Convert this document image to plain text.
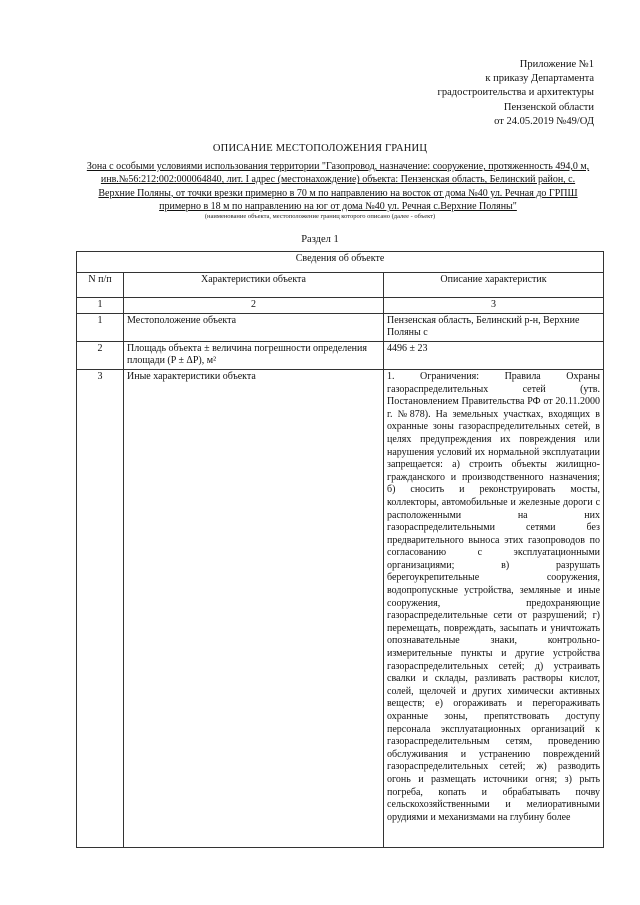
Приложение №1
к приказу Департамента
градостроительства и архитектуры
Пензенской области
от 24.05.2019 №49/ОД
ОПИСАНИЕ МЕСТОПОЛОЖЕНИЯ ГРАНИЦ
Зона с особыми условиями использования территории "Газопровод, назначение: сооружение, протяженность 494,0 м, инв.№56:212:002:000064840, лит. I адрес (местонахождение) объекта: Пензенская область, Белинский район, с. Верхние Поляны, от точки врезки примерно в 70 м по направлению на восток от дома №40 ул. Речная до ГРПШ примерно в 18 м по направлению на юг от дома №40 ул. Речная с.Верхние Поляны"
(наименование объекта, местоположение границ которого описано (далее - объект)
Раздел 1
Сведения об объекте		
N п/п	Характеристики объекта	Описание характеристик
1	2	3
1	Местоположение объекта	Пензенская область, Белинский р-н, Верхние Поляны с
2	Площадь объекта ± величина погрешности определения площади (P ± ΔP), м²	4496 ± 23
3	Иные характеристики объекта	1. Ограничения: Правила Охраны газораспределительных сетей (утв. Постановлением Правительства РФ от 20.11.2000 г. №878). На земельных участках, входящих в охранные зоны газораспределительных сетей, в целях предупреждения их повреждения или нарушения условий их нормальной эксплуатации запрещается: а) строить объекты жилищно-гражданского и производственного назначения; б) сносить и реконструировать мосты, коллекторы, автомобильные и железные дороги с расположенными на них газораспределительными сетями без предварительного выноса этих газопроводов по согласованию с эксплуатационными организациями; в) разрушать берегоукрепительные сооружения, водопропускные устройства, земляные и иные сооружения, предохраняющие газораспределительные сети от разрушений; г) перемещать, повреждать, засыпать и уничтожать опознавательные знаки, контрольно-измерительные пункты и другие устройства газораспределительных сетей; д) устраивать свалки и склады, разливать растворы кислот, солей, щелочей и других химически активных веществ; е) огораживать и перегораживать охранные зоны, препятствовать доступу персонала эксплуатационных организаций к газораспределительным сетям, проведению обслуживания и устранению повреждений газораспределительных сетей; ж) разводить огонь и размещать источники огня; з) рыть погреба, копать и обрабатывать почву сельскохозяйственными и мелиоративными орудиями и механизмами на глубину более
